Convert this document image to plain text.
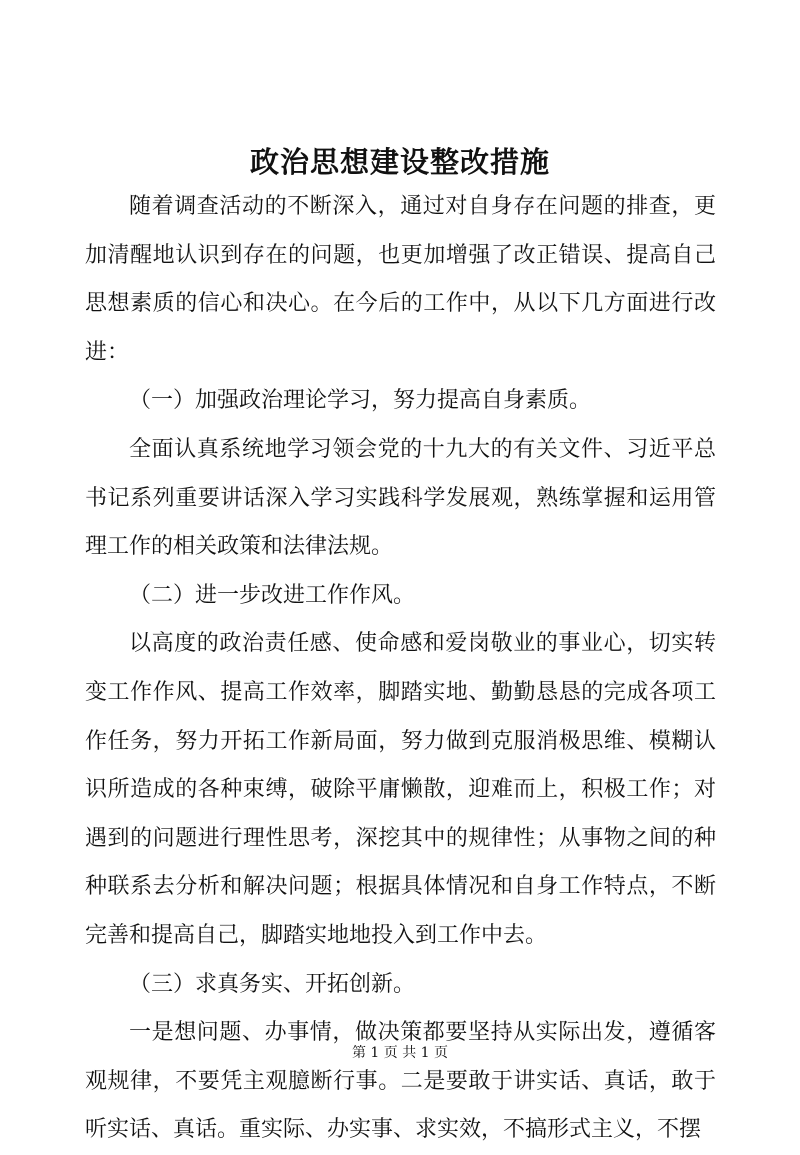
政治思想建设整改措施

随着调查活动的不断深入，通过对自身存在问题的排查，更加清醒地认识到存在的问题，也更加增强了改正错误、提高自己思想素质的信心和决心。在今后的工作中，从以下几方面进行改进：

（一）加强政治理论学习，努力提高自身素质。

全面认真系统地学习领会党的十九大的有关文件、习近平总书记系列重要讲话深入学习实践科学发展观，熟练掌握和运用管理工作的相关政策和法律法规。

（二）进一步改进工作作风。

以高度的政治责任感、使命感和爱岗敬业的事业心，切实转变工作作风、提高工作效率，脚踏实地、勤勤恳恳的完成各项工作任务，努力开拓工作新局面，努力做到克服消极思维、模糊认识所造成的各种束缚，破除平庸懒散，迎难而上，积极工作；对遇到的问题进行理性思考，深挖其中的规律性；从事物之间的种种联系去分析和解决问题；根据具体情况和自身工作特点，不断完善和提高自己，脚踏实地地投入到工作中去。

（三）求真务实、开拓创新。

一是想问题、办事情，做决策都要坚持从实际出发，遵循客观规律，不要凭主观臆断行事。二是要敢于讲实话、真话，敢于听实话、真话。重实际、办实事、求实效，不搞形式主义，不摆

第 1 页 共 1 页
